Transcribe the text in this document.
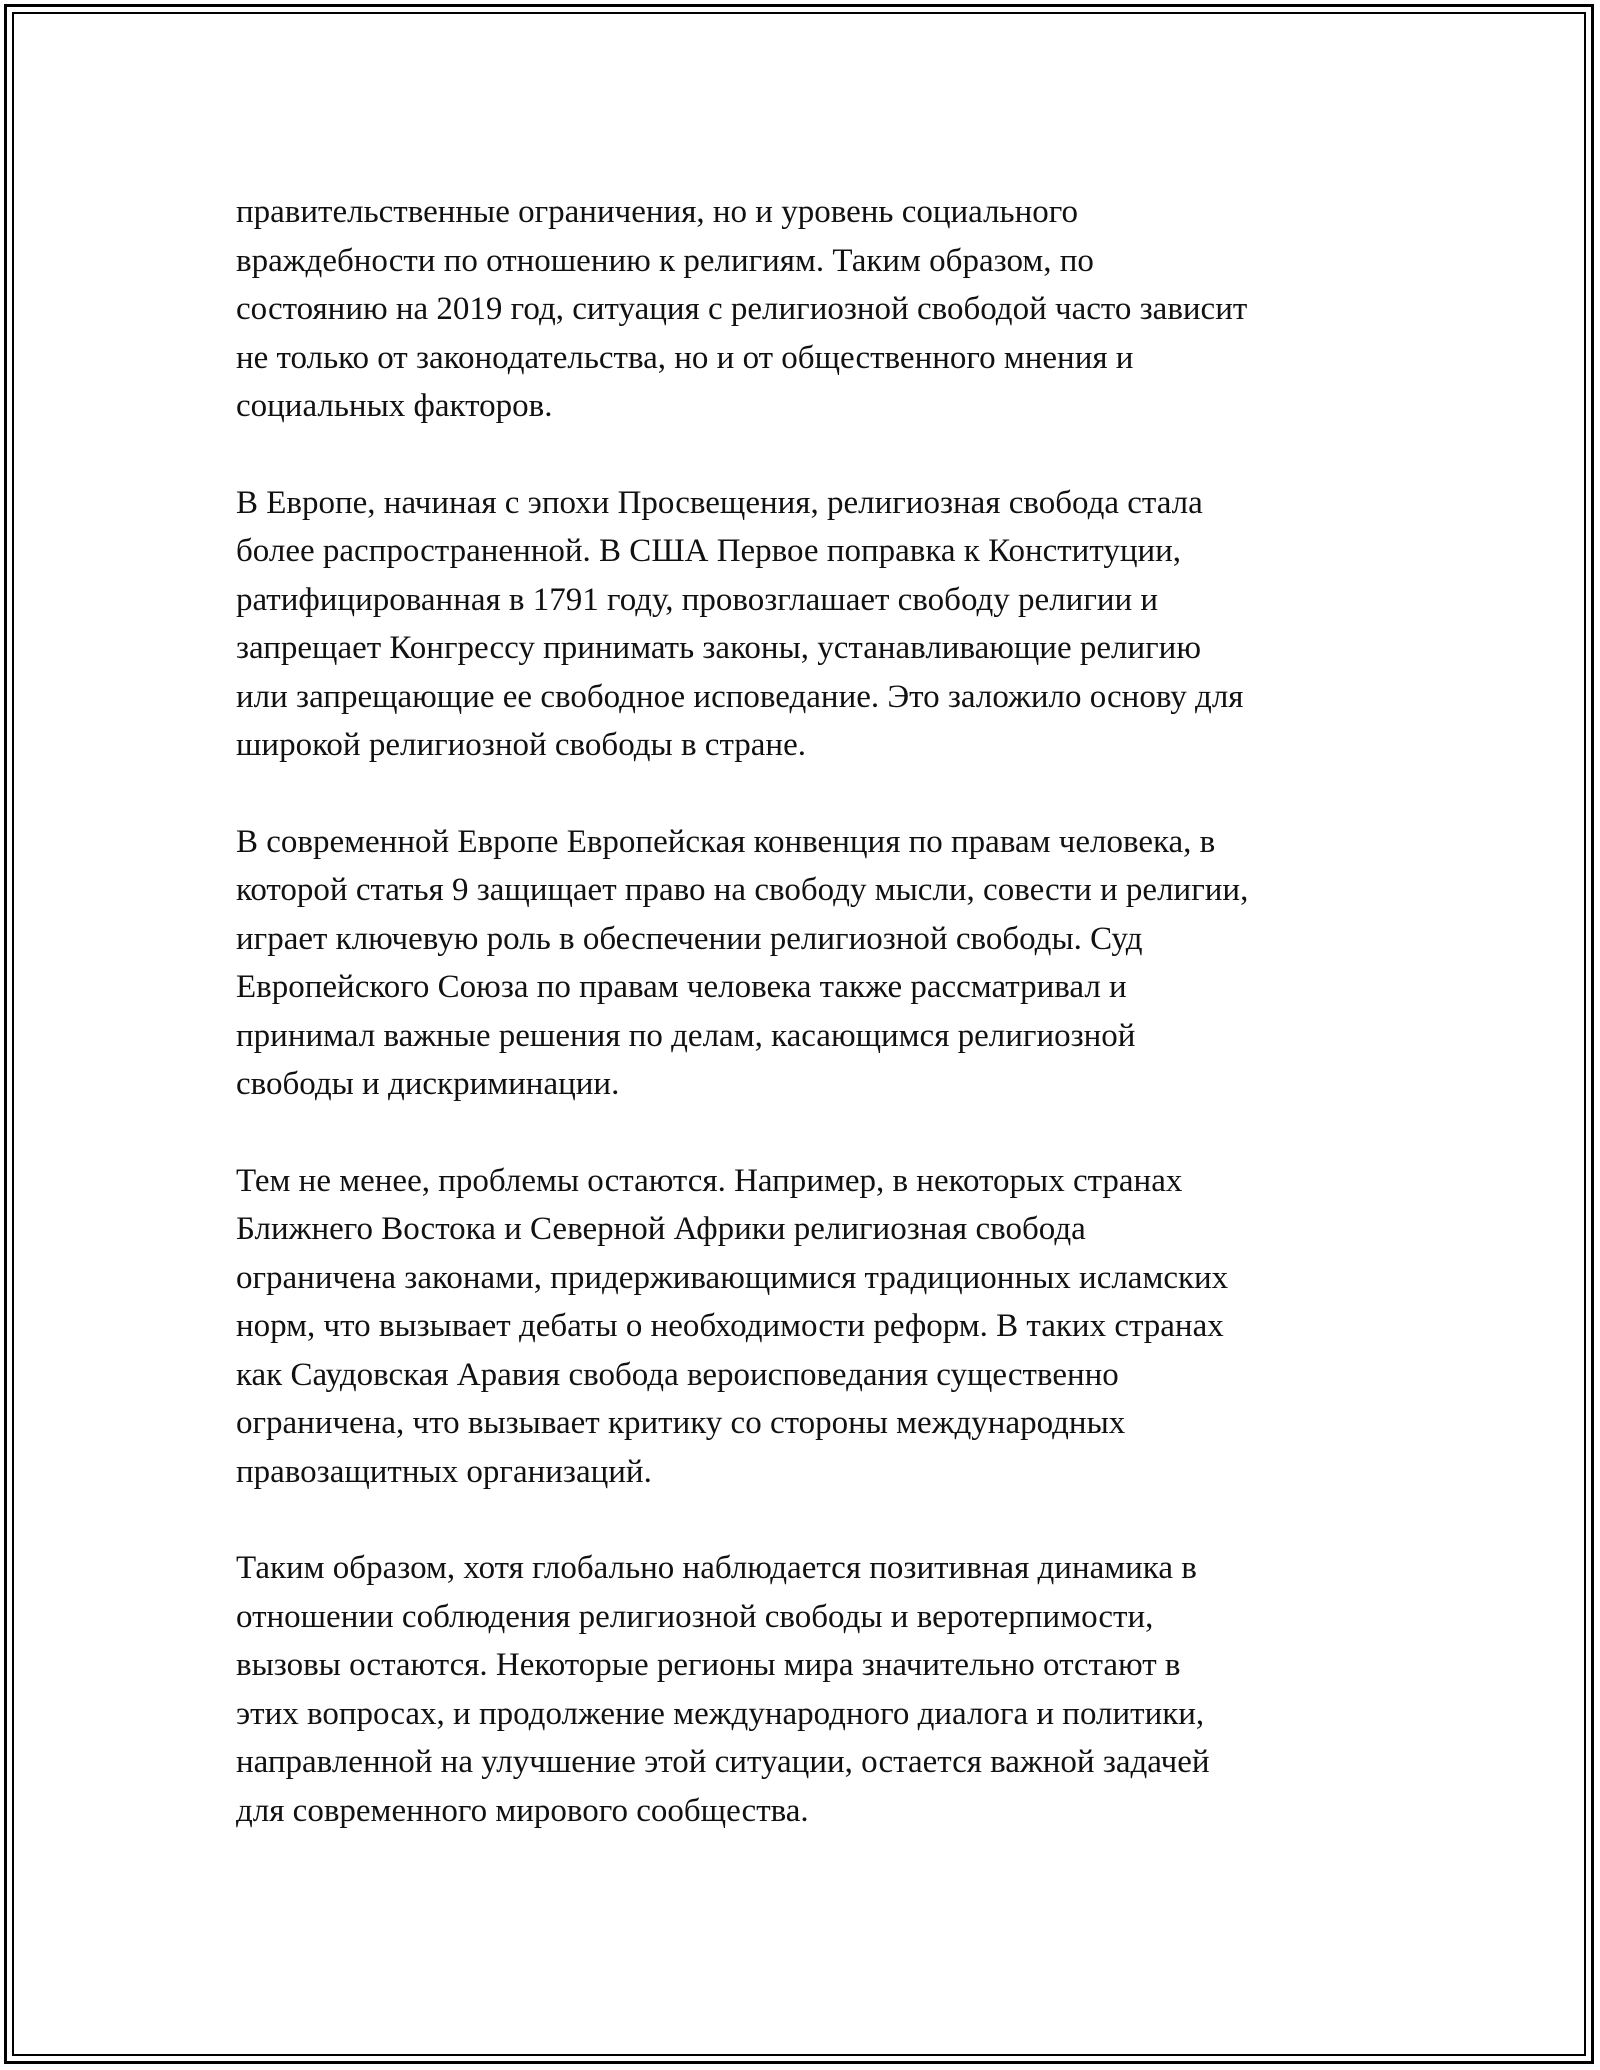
правительственные ограничения, но и уровень социального
враждебности по отношению к религиям. Таким образом, по
состоянию на 2019 год, ситуация с религиозной свободой часто зависит
не только от законодательства, но и от общественного мнения и
социальных факторов.

В Европе, начиная с эпохи Просвещения, религиозная свобода стала
более распространенной. В США Первое поправка к Конституции,
ратифицированная в 1791 году, провозглашает свободу религии и
запрещает Конгрессу принимать законы, устанавливающие религию
или запрещающие ее свободное исповедание. Это заложило основу для
широкой религиозной свободы в стране.

В современной Европе Европейская конвенция по правам человека, в
которой статья 9 защищает право на свободу мысли, совести и религии,
играет ключевую роль в обеспечении религиозной свободы. Суд
Европейского Союза по правам человека также рассматривал и
принимал важные решения по делам, касающимся религиозной
свободы и дискриминации.

Тем не менее, проблемы остаются. Например, в некоторых странах
Ближнего Востока и Северной Африки религиозная свобода
ограничена законами, придерживающимися традиционных исламских
норм, что вызывает дебаты о необходимости реформ. В таких странах
как Саудовская Аравия свобода вероисповедания существенно
ограничена, что вызывает критику со стороны международных
правозащитных организаций.

Таким образом, хотя глобально наблюдается позитивная динамика в
отношении соблюдения религиозной свободы и веротерпимости,
вызовы остаются. Некоторые регионы мира значительно отстают в
этих вопросах, и продолжение международного диалога и политики,
направленной на улучшение этой ситуации, остается важной задачей
для современного мирового сообщества.
